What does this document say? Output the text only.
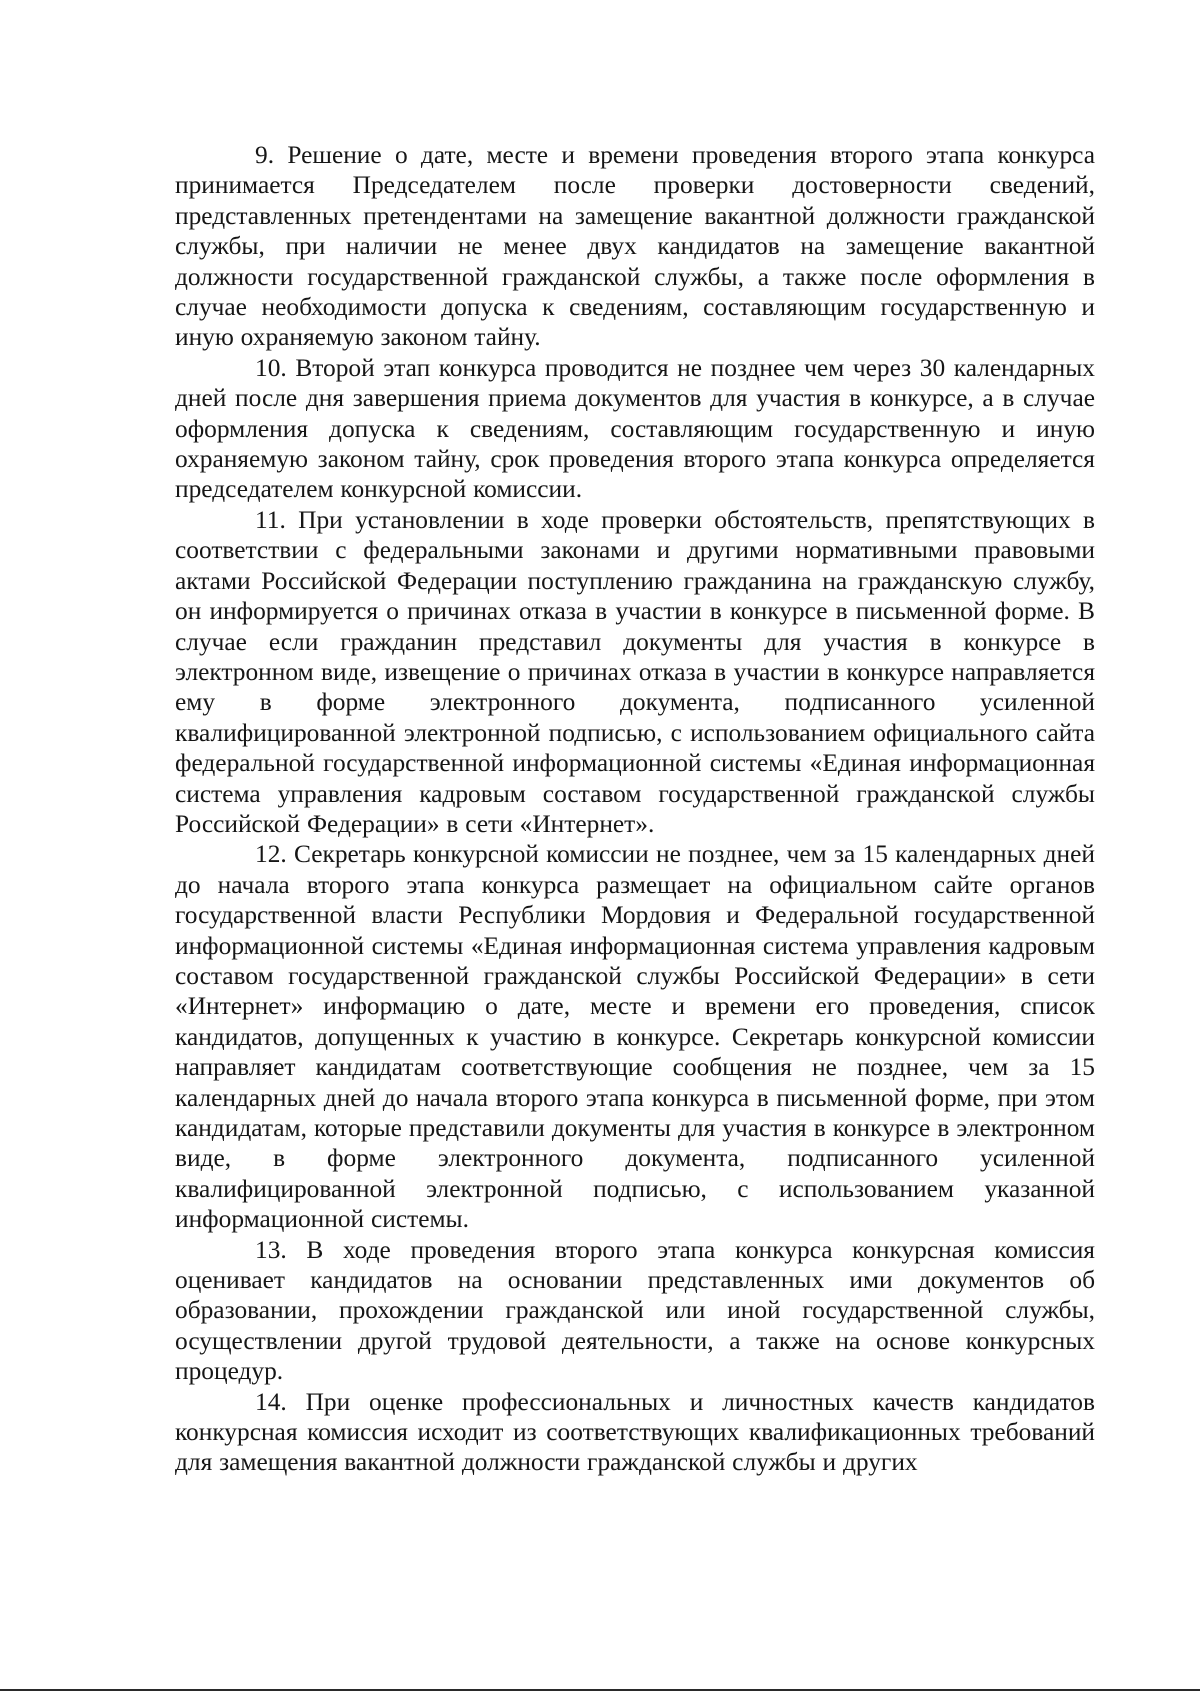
9. Решение о дате, месте и времени проведения второго этапа конкурса принимается Председателем после проверки достоверности сведений, представленных претендентами на замещение вакантной должности гражданской службы, при наличии не менее двух кандидатов на замещение вакантной должности государственной гражданской службы, а также после оформления в случае необходимости допуска к сведениям, составляющим государственную и иную охраняемую законом тайну.

10. Второй этап конкурса проводится не позднее чем через 30 календарных дней после дня завершения приема документов для участия в конкурсе, а в случае оформления допуска к сведениям, составляющим государственную и иную охраняемую законом тайну, срок проведения второго этапа конкурса определяется председателем конкурсной комиссии.

11. При установлении в ходе проверки обстоятельств, препятствующих в соответствии с федеральными законами и другими нормативными правовыми актами Российской Федерации поступлению гражданина на гражданскую службу, он информируется о причинах отказа в участии в конкурсе в письменной форме. В случае если гражданин представил документы для участия в конкурсе в электронном виде, извещение о причинах отказа в участии в конкурсе направляется ему в форме электронного документа, подписанного усиленной квалифицированной электронной подписью, с использованием официального сайта федеральной государственной информационной системы «Единая информационная система управления кадровым составом государственной гражданской службы Российской Федерации» в сети «Интернет».

12. Секретарь конкурсной комиссии не позднее, чем за 15 календарных дней до начала второго этапа конкурса размещает на официальном сайте органов государственной власти Республики Мордовия и Федеральной государственной информационной системы «Единая информационная система управления кадровым составом государственной гражданской службы Российской Федерации» в сети «Интернет» информацию о дате, месте и времени его проведения, список кандидатов, допущенных к участию в конкурсе. Секретарь конкурсной комиссии направляет кандидатам соответствующие сообщения не позднее, чем за 15 календарных дней до начала второго этапа конкурса в письменной форме, при этом кандидатам, которые представили документы для участия в конкурсе в электронном виде, в форме электронного документа, подписанного усиленной квалифицированной электронной подписью, с использованием указанной информационной системы.

13. В ходе проведения второго этапа конкурса конкурсная комиссия оценивает кандидатов на основании представленных ими документов об образовании, прохождении гражданской или иной государственной службы, осуществлении другой трудовой деятельности, а также на основе конкурсных процедур.

14. При оценке профессиональных и личностных качеств кандидатов конкурсная комиссия исходит из соответствующих квалификационных требований для замещения вакантной должности гражданской службы и других
